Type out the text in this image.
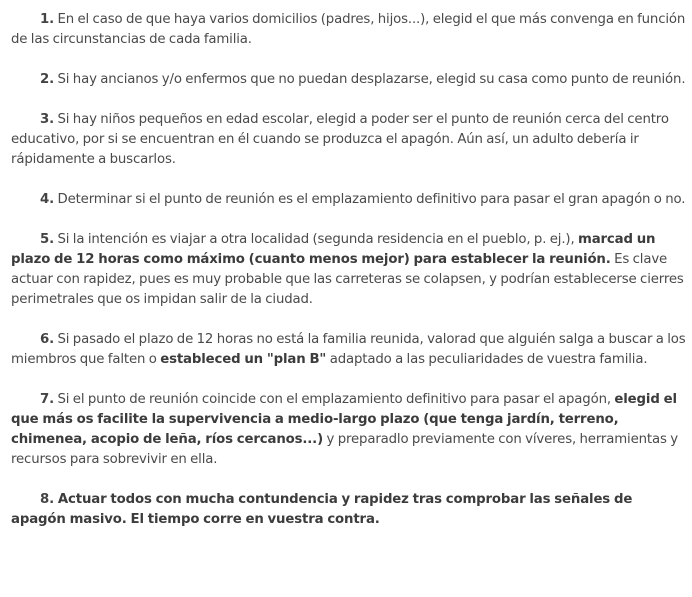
1. En el caso de que haya varios domicilios (padres, hijos...), elegid el que más convenga en función de las circunstancias de cada familia.

2. Si hay ancianos y/o enfermos que no puedan desplazarse, elegid su casa como punto de reunión.

3. Si hay niños pequeños en edad escolar, elegid a poder ser el punto de reunión cerca del centro educativo, por si se encuentran en él cuando se produzca el apagón. Aún así, un adulto debería ir rápidamente a buscarlos.

4. Determinar si el punto de reunión es el emplazamiento definitivo para pasar el gran apagón o no.

5. Si la intención es viajar a otra localidad (segunda residencia en el pueblo, p. ej.), marcad un plazo de 12 horas como máximo (cuanto menos mejor) para establecer la reunión. Es clave actuar con rapidez, pues es muy probable que las carreteras se colapsen, y podrían establecerse cierres perimetrales que os impidan salir de la ciudad.

6. Si pasado el plazo de 12 horas no está la familia reunida, valorad que alguién salga a buscar a los miembros que falten o estableced un "plan B" adaptado a las peculiaridades de vuestra familia.

7. Si el punto de reunión coincide con el emplazamiento definitivo para pasar el apagón, elegid el que más os facilite la supervivencia a medio-largo plazo (que tenga jardín, terreno, chimenea, acopio de leña, ríos cercanos...) y preparadlo previamente con víveres, herramientas y recursos para sobrevivir en ella.

8. Actuar todos con mucha contundencia y rapidez tras comprobar las señales de apagón masivo. El tiempo corre en vuestra contra.
